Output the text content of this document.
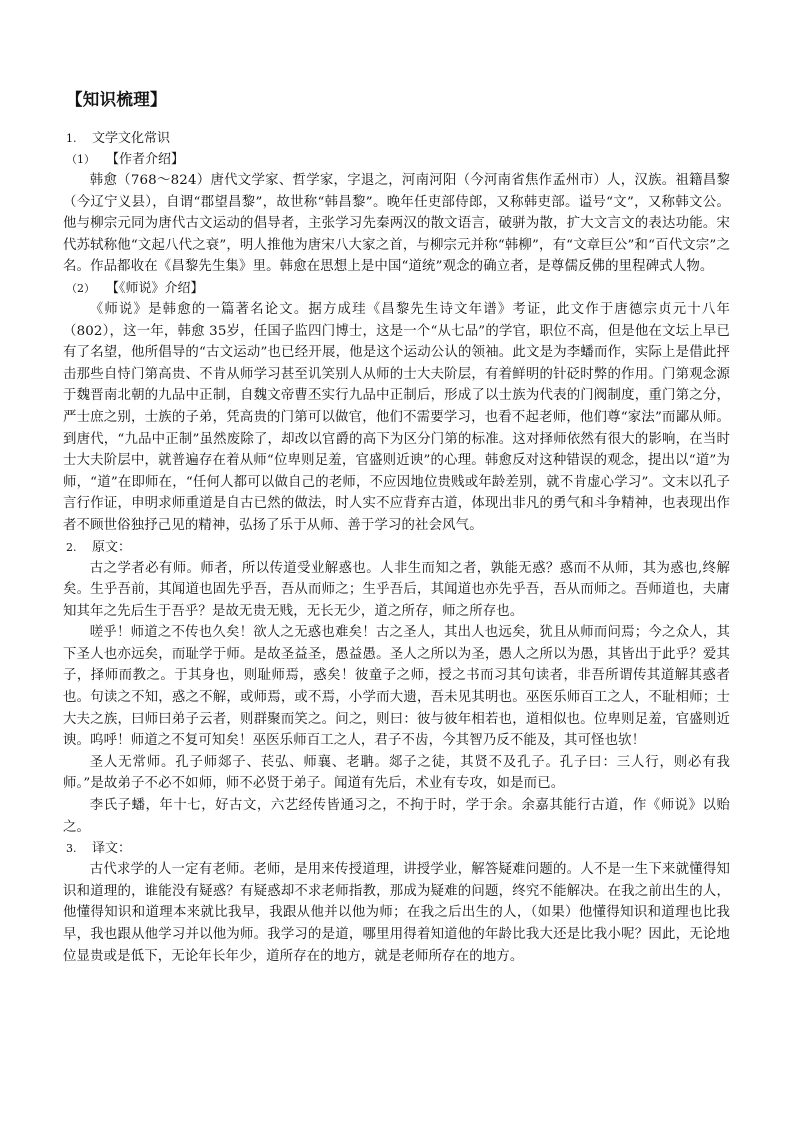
【知识梳理】
1. 文学文化常识
（1） 【作者介绍】

韩愈（768～824）唐代文学家、哲学家，字退之，河南河阳（今河南省焦作孟州市）人，汉族。祖籍昌黎（今辽宁义县），自谓“郡望昌黎”，故世称“韩昌黎”。晚年任吏部侍郎，又称韩吏部。谥号“文”，又称韩文公。他与柳宗元同为唐代古文运动的倡导者，主张学习先秦两汉的散文语言，破骈为散，扩大文言文的表达功能。宋代苏轼称他“文起八代之衰”，明人推他为唐宋八大家之首，与柳宗元并称“韩柳”，有“文章巨公”和“百代文宗”之名。作品都收在《昌黎先生集》里。韩愈在思想上是中国“道统”观念的确立者，是尊儒反佛的里程碑式人物。

（2） 【《师说》介绍】

《师说》是韩愈的一篇著名论文。据方成珪《昌黎先生诗文年谱》考证，此文作于唐德宗贞元十八年（802），这一年，韩愈 35岁，任国子监四门博士，这是一个“从七品”的学官，职位不高，但是他在文坛上早已有了名望，他所倡导的“古文运动”也已经开展，他是这个运动公认的领袖。此文是为李蟠而作，实际上是借此抨击那些自恃门第高贵、不肯从师学习甚至讥笑别人从师的士大夫阶层，有着鲜明的针砭时弊的作用。门第观念源于魏晋南北朝的九品中正制，自魏文帝曹丕实行九品中正制后，形成了以士族为代表的门阀制度，重门第之分，严士庶之别，士族的子弟，凭高贵的门第可以做官，他们不需要学习，也看不起老师，他们尊“家法”而鄙从师。到唐代，“九品中正制”虽然废除了，却改以官爵的高下为区分门第的标准。这对择师依然有很大的影响，在当时士大夫阶层中，就普遍存在着从师“位卑则足羞，官盛则近谀”的心理。韩愈反对这种错误的观念，提出以“道”为师，“道”在即师在，“任何人都可以做自己的老师，不应因地位贵贱或年龄差别，就不肯虚心学习”。文末以孔子言行作证，申明求师重道是自古已然的做法，时人实不应背弃古道，体现出非凡的勇气和斗争精神，也表现出作者不顾世俗独抒己见的精神，弘扬了乐于从师、善于学习的社会风气。

2. 原文：

古之学者必有师。师者，所以传道受业解惑也。人非生而知之者，孰能无惑？惑而不从师，其为惑也,终解矣。生乎吾前，其闻道也固先乎吾，吾从而师之；生乎吾后，其闻道也亦先乎吾，吾从而师之。吾师道也，夫庸知其年之先后生于吾乎？是故无贵无贱，无长无少，道之所存，师之所存也。

嗟乎！师道之不传也久矣！欲人之无惑也难矣！古之圣人，其出人也远矣，犹且从师而问焉；今之众人，其下圣人也亦远矣，而耻学于师。是故圣益圣，愚益愚。圣人之所以为圣，愚人之所以为愚，其皆出于此乎？爱其子，择师而教之。于其身也，则耻师焉，惑矣！彼童子之师，授之书而习其句读者，非吾所谓传其道解其惑者也。句读之不知，惑之不解，或师焉，或不焉，小学而大遗，吾未见其明也。巫医乐师百工之人，不耻相师；士大夫之族，曰师曰弟子云者，则群聚而笑之。问之，则曰：彼与彼年相若也，道相似也。位卑则足羞，官盛则近谀。呜呼！师道之不复可知矣！巫医乐师百工之人，君子不齿，今其智乃反不能及，其可怪也欤！

圣人无常师。孔子师郯子、苌弘、师襄、老聃。郯子之徒，其贤不及孔子。孔子曰：三人行，则必有我师。”是故弟子不必不如师，师不必贤于弟子。闻道有先后，术业有专攻，如是而已。

李氏子蟠，年十七，好古文，六艺经传皆通习之，不拘于时，学于余。余嘉其能行古道，作《师说》以贻之。

3. 译文：

古代求学的人一定有老师。老师，是用来传授道理，讲授学业，解答疑难问题的。人不是一生下来就懂得知识和道理的，谁能没有疑惑？有疑惑却不求老师指教，那成为疑难的问题，终究不能解决。在我之前出生的人，他懂得知识和道理本来就比我早，我跟从他并以他为师；在我之后出生的人，（如果）他懂得知识和道理也比我早，我也跟从他学习并以他为师。我学习的是道，哪里用得着知道他的年龄比我大还是比我小呢？因此，无论地位显贵或是低下，无论年长年少，道所存在的地方，就是老师所存在的地方。
